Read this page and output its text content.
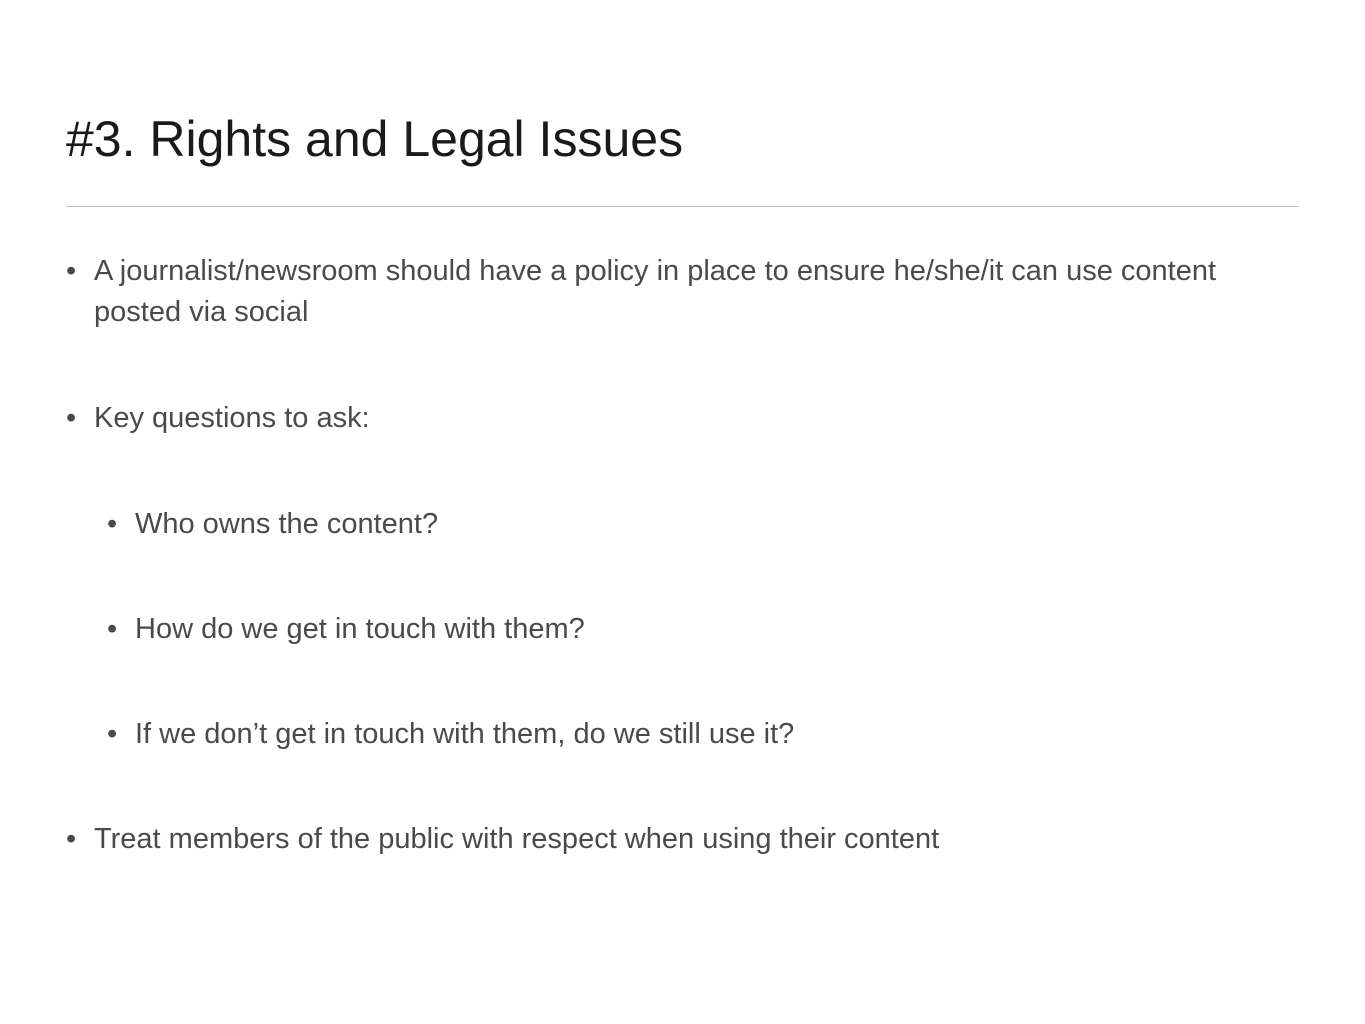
#3. Rights and Legal Issues
• A journalist/newsroom should have a policy in place to ensure he/she/it can use content posted via social
• Key questions to ask:
• Who owns the content?
• How do we get in touch with them?
• If we don’t get in touch with them, do we still use it?
• Treat members of the public with respect when using their content
